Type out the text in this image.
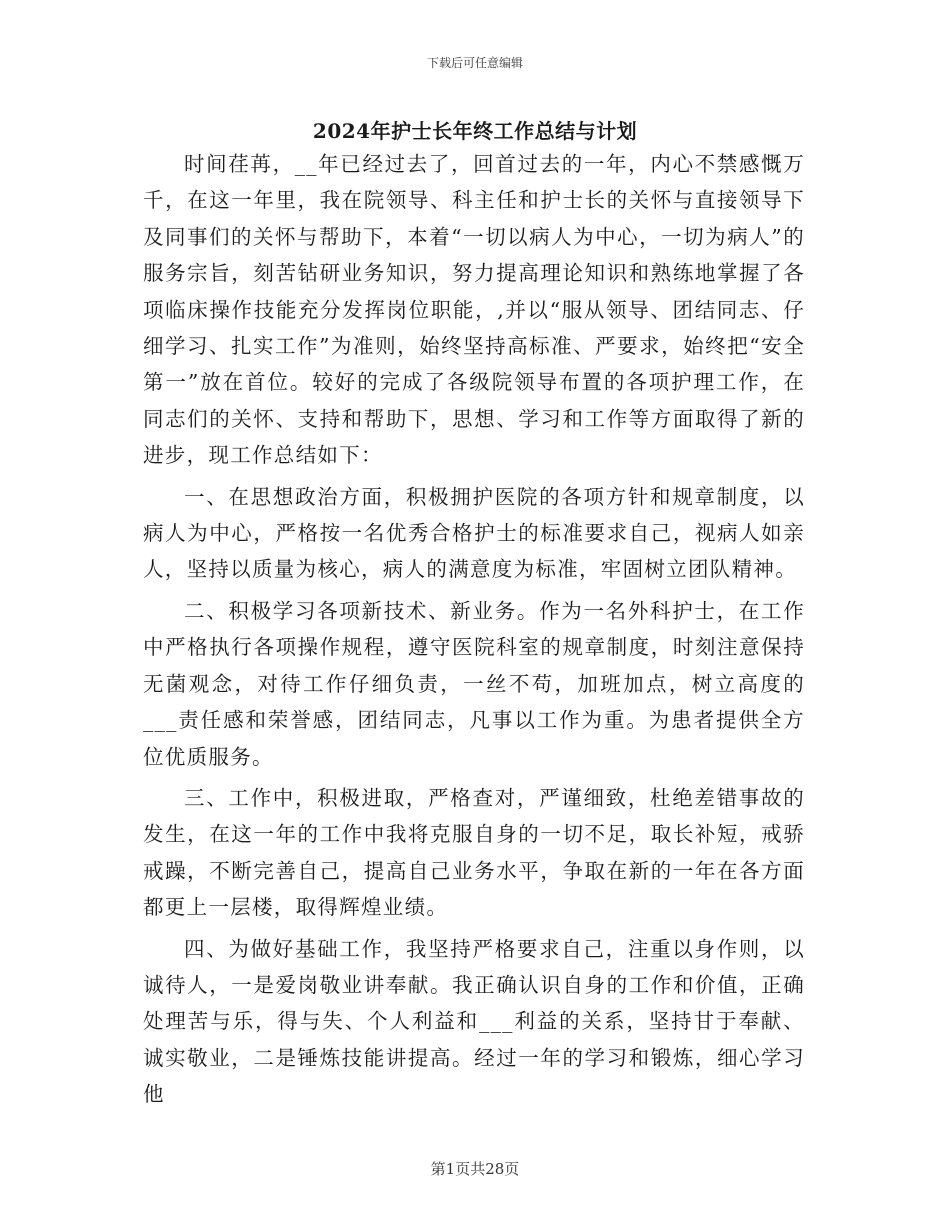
下载后可任意编辑
2024年护士长年终工作总结与计划

时间荏苒，__年已经过去了，回首过去的一年，内心不禁感慨万千，在这一年里，我在院领导、科主任和护士长的关怀与直接领导下及同事们的关怀与帮助下，本着“一切以病人为中心，一切为病人”的服务宗旨，刻苦钻研业务知识，努力提高理论知识和熟练地掌握了各项临床操作技能充分发挥岗位职能，,并以“服从领导、团结同志、仔细学习、扎实工作”为准则，始终坚持高标准、严要求，始终把“安全第一”放在首位。较好的完成了各级院领导布置的各项护理工作，在同志们的关怀、支持和帮助下，思想、学习和工作等方面取得了新的进步，现工作总结如下：

一、在思想政治方面，积极拥护医院的各项方针和规章制度，以病人为中心，严格按一名优秀合格护士的标准要求自己，视病人如亲人，坚持以质量为核心，病人的满意度为标准，牢固树立团队精神。

二、积极学习各项新技术、新业务。作为一名外科护士，在工作中严格执行各项操作规程，遵守医院科室的规章制度，时刻注意保持无菌观念，对待工作仔细负责，一丝不苟，加班加点，树立高度的___责任感和荣誉感，团结同志，凡事以工作为重。为患者提供全方位优质服务。

三、工作中，积极进取，严格查对，严谨细致，杜绝差错事故的发生，在这一年的工作中我将克服自身的一切不足，取长补短，戒骄戒躁，不断完善自己，提高自己业务水平，争取在新的一年在各方面都更上一层楼，取得辉煌业绩。

四、为做好基础工作，我坚持严格要求自己，注重以身作则，以诚待人，一是爱岗敬业讲奉献。我正确认识自身的工作和价值，正确处理苦与乐，得与失、个人利益和___利益的关系，坚持甘于奉献、诚实敬业，二是锤炼技能讲提高。经过一年的学习和锻炼，细心学习他

第1页共28页
